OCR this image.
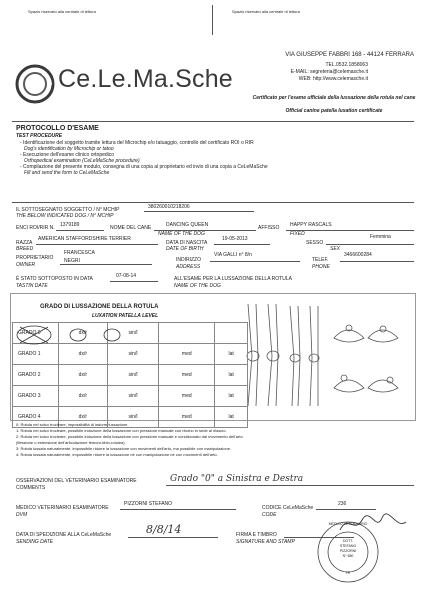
Spazio riservato alla centrale di lettura	Spazio riservato alla centrale di lettura
Ce.Le.Ma.Sche

VIA GIUSEPPE FABBRI 168 - 44124 FERRARA
TEL.0532.1858063
E-MAIL: segreteria@celemasche.it
WEB: http://www.celemasche.it
Certificato per l'esame ufficiale della lussazione della rotula nel cane
Official canine patella luxation certificate
PROTOCOLLO D'ESAME
TEST PROCEDURE
- Identificazione del soggetto tramite lettura del Microchip e/o tatuaggio, controllo del certificato ROI o RIR
Dog's identification by Microchip or tatoo
- Esecuzione dell'esame clinico ortopedico
Orthopedical examination (CeLeMaSche procedure)
- Compilazione del presente modulo, consegna di una copia al proprietario ed invio di una copia a CeLeMaSche
Fill and send the form to CeLeMaSche
IL SOTTOSEGNATO SOGGETTO / N° MCHIP
THE BELOW INDICATED DOG / N° MCHIP
380260010218206
ENCI ROI/RIR N. 1379189	NOME DEL CANE
NAME OF THE DOG
DANCING QUEEN	AFFISSO
FIXED
HAPPY RASCALS
RAZZA
BREED
AMERICAN STAFFORDSHIRE TERRIER
DATA DI NASCITA
DATE OF BIRTH
19-05-2013
SESSO
SEX
Femmina
PROPRIETARIO
OWNER
FRANCESCA
NEGRI	INDIRIZZO
ADDRESS
VIA GALLI n° 8/n
TELEF.
PHONE
3466600284
È STATO SOTTOPOSTO IN DATA
TASTIN DATE
07-08-14	ALL'ESAME PER LA LUSSAZIONE DELLA ROTULA
NAME OF THE DOG
GRADO DI LUSSAZIONE DELLA ROTULA
LUXATION PATELLA LEVEL
GRADO 0	dx/r	sin/l		
GRADO 1	dx/r	sin/l	med	lat
GRADO 2	dx/r	sin/l	med	lat
GRADO 3	dx/r	sin/l	med	lat
GRADO 4	dx/r	sin/l	med	lat
0: Rotula nel solco trocleare, impossibilità di indurre lussazione.
1: Rotula nel solco trocleare, possibile induzione della lussazione con pressione manuale con ritorno in sede al rilascio.
2: Rotula nel solco trocleare, possibile induzione della lussazione con pressione manuale e condizionato dal movimento dell'arto
(flessione o estensione dell'articolazione femoro-tibio-rotulea).
3: Rotula lussata naturalmente, impossibile ridurre la lussazione con movimenti dell'arto, ma possibile con manipolazione.
4: Rotula lussata naturalmente, impossibile ridurre la lussazione né con manipolazione né con movimenti dell'arto.
OSSERVAZIONI DEL VETERINARIO ESAMINATORE
COMMENTS
Grado "0" a Sinistra e Destra
MEDICO VETERINARIO ESAMINATORE
DVM
PIZZORNI STEFANO
CODICE CeLeMaSche
CODE
236
DATA DI SPEDIZIONE ALLA CeLeMaSche
SENDING DATE
8/8/14	FIRMA E TIMBRO
SIGNATURE AND STAMP
MEDICO VETERINARIO
DOTT.
STEFANO
PIZZORNI
N° 580
PR
